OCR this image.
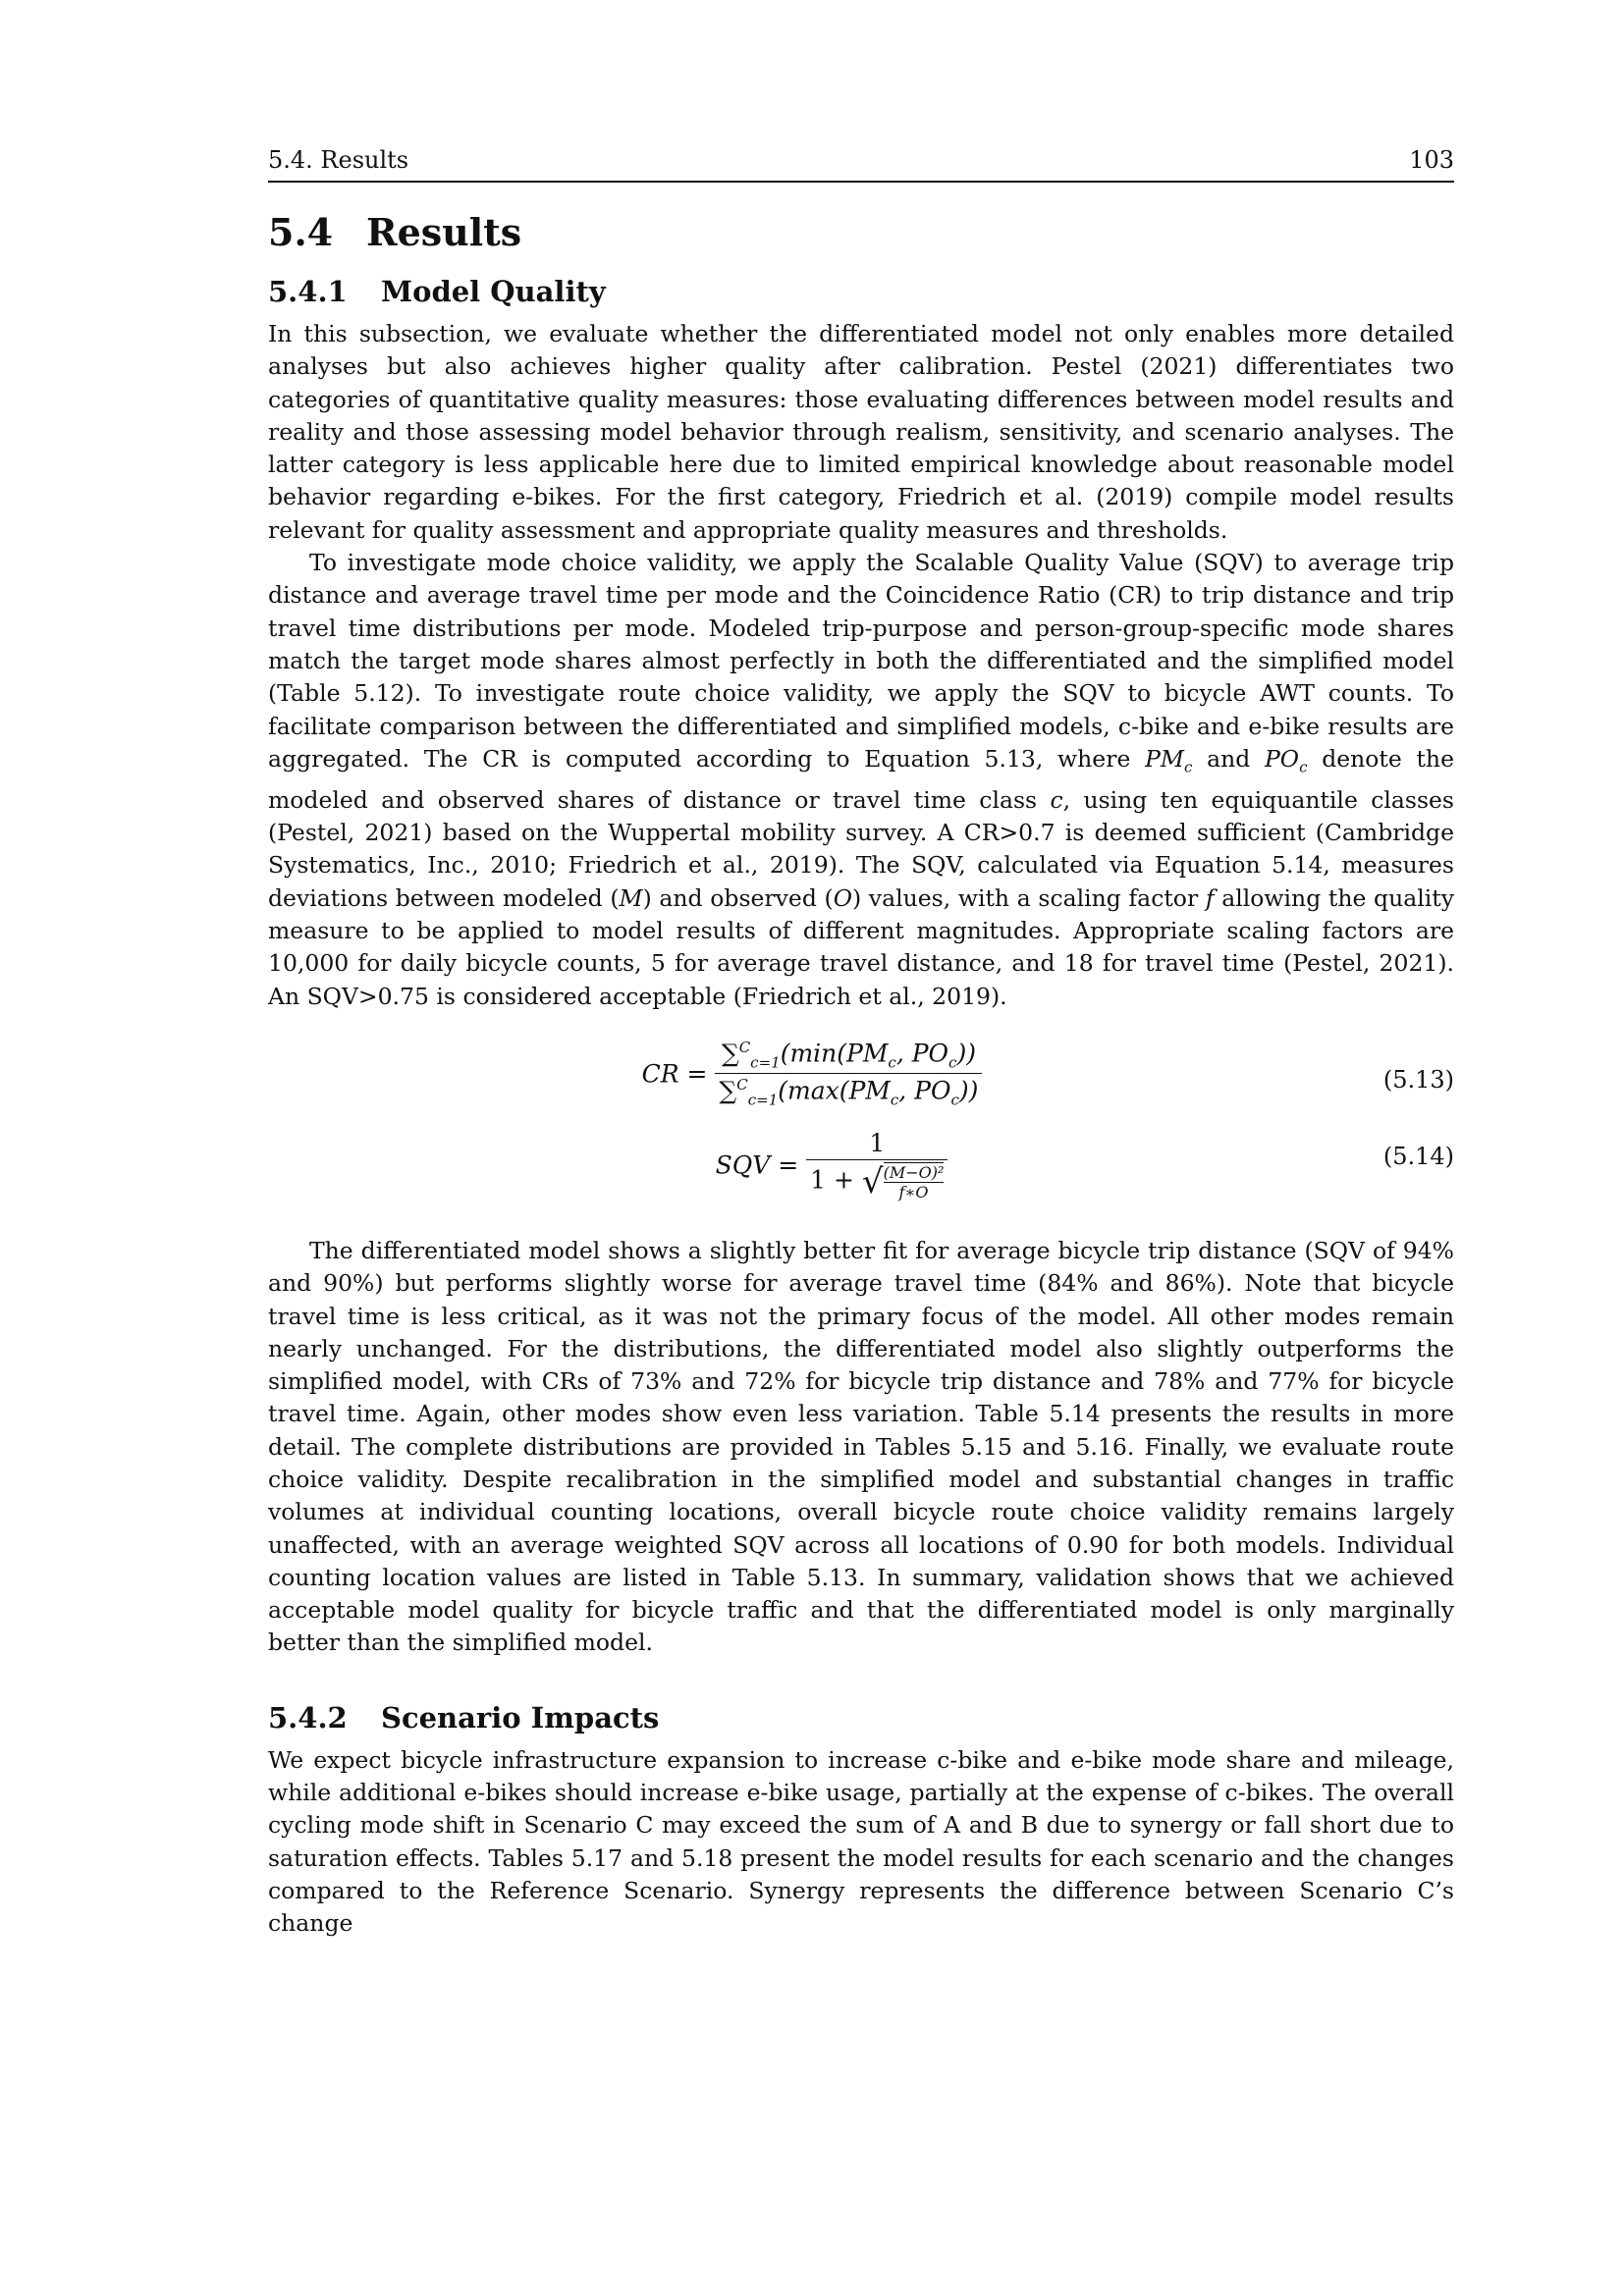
5.4. Results	103
5.4 Results
5.4.1 Model Quality

In this subsection, we evaluate whether the differentiated model not only enables more detailed analyses but also achieves higher quality after calibration. Pestel (2021) differentiates two categories of quantitative quality measures: those evaluating differences between model results and reality and those assessing model behavior through realism, sensitivity, and scenario analyses. The latter category is less applicable here due to limited empirical knowledge about reasonable model behavior regarding e-bikes. For the first category, Friedrich et al. (2019) compile model results relevant for quality assessment and appropriate quality measures and thresholds.

To investigate mode choice validity, we apply the Scalable Quality Value (SQV) to average trip distance and average travel time per mode and the Coincidence Ratio (CR) to trip distance and trip travel time distributions per mode. Modeled trip-purpose and person-group-specific mode shares match the target mode shares almost perfectly in both the differentiated and the simplified model (Table 5.12). To investigate route choice validity, we apply the SQV to bicycle AWT counts. To facilitate comparison between the differentiated and simplified models, c-bike and e-bike results are aggregated. The CR is computed according to Equation 5.13, where $PM_c$ and $PO_c$ denote the modeled and observed shares of distance or travel time class c, using ten equiquantile classes (Pestel, 2021) based on the Wuppertal mobility survey. A CR>0.7 is deemed sufficient (Cambridge Systematics, Inc., 2010; Friedrich et al., 2019). The SQV, calculated via Equation 5.14, measures deviations between modeled (M) and observed (O) values, with a scaling factor f allowing the quality measure to be applied to model results of different magnitudes. Appropriate scaling factors are 10,000 for daily bicycle counts, 5 for average travel distance, and 18 for travel time (Pestel, 2021). An SQV>0.75 is considered acceptable (Friedrich et al., 2019).

CR = $\frac{\sum^C_{c=1}(\min(PM_c, PO_c))}{\sum^C_{c=1}(\max(PM_c, PO_c))}$	(5.13)
SQV = $\frac{1}{1 + √ \frac{\text{(M−O)²}}{f∗O}}$	(5.14)

The differentiated model shows a slightly better fit for average bicycle trip distance (SQV of 94% and 90%) but performs slightly worse for average travel time (84% and 86%). Note that bicycle travel time is less critical, as it was not the primary focus of the model. All other modes remain nearly unchanged. For the distributions, the differentiated model also slightly outperforms the simplified model, with CRs of 73% and 72% for bicycle trip distance and 78% and 77% for bicycle travel time. Again, other modes show even less variation. Table 5.14 presents the results in more detail. The complete distributions are provided in Tables 5.15 and 5.16. Finally, we evaluate route choice validity. Despite recalibration in the simplified model and substantial changes in traffic volumes at individual counting locations, overall bicycle route choice validity remains largely unaffected, with an average weighted SQV across all locations of 0.90 for both models. Individual counting location values are listed in Table 5.13. In summary, validation shows that we achieved acceptable model quality for bicycle traffic and that the differentiated model is only marginally better than the simplified model.

5.4.2 Scenario Impacts

We expect bicycle infrastructure expansion to increase c-bike and e-bike mode share and mileage, while additional e-bikes should increase e-bike usage, partially at the expense of c-bikes. The overall cycling mode shift in Scenario C may exceed the sum of A and B due to synergy or fall short due to saturation effects. Tables 5.17 and 5.18 present the model results for each scenario and the changes compared to the Reference Scenario. Synergy represents the difference between Scenario C’s change
